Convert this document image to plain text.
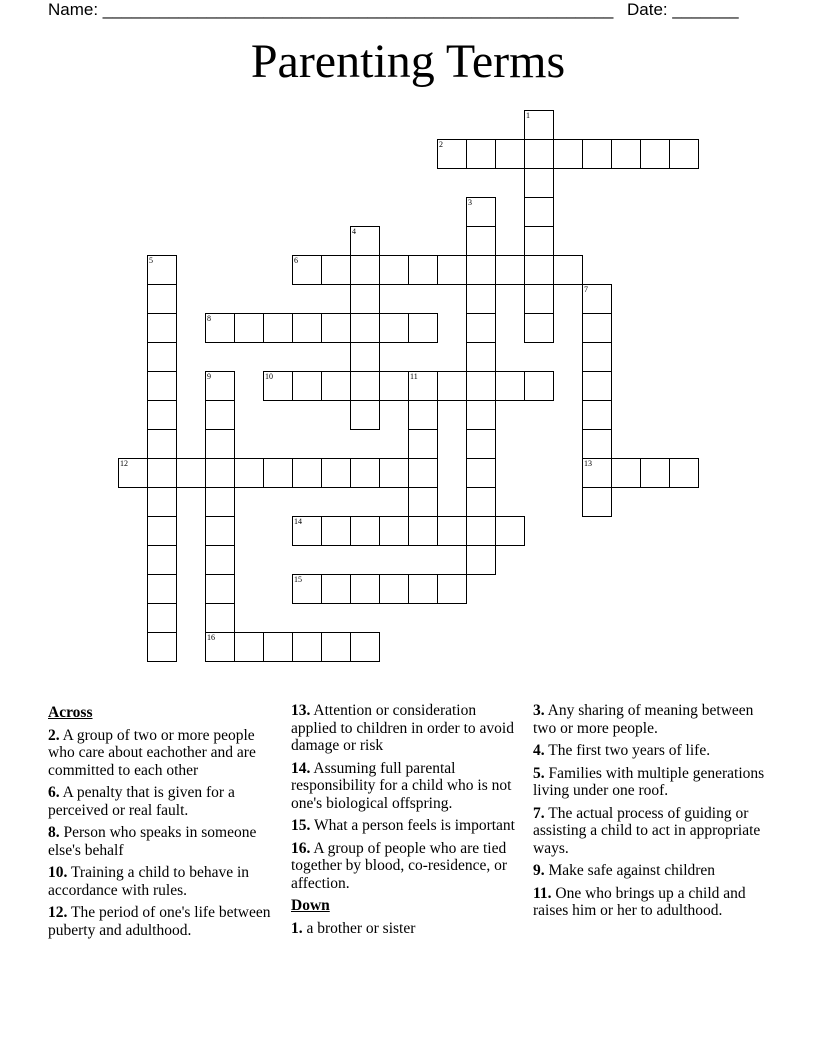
Name: ______________________________________________________ Date: _______
Parenting Terms
6
8
10	11
12	13
14
15
16
1
3
4
5
7
9
2
Across
2. A group of two or more people who care about eachother and are committed to each other
6. A penalty that is given for a perceived or real fault.
8. Person who speaks in someone else's behalf
10. Training a child to behave in accordance with rules.
12. The period of one's life between puberty and adulthood.
13. Attention or consideration applied to children in order to avoid damage or risk
14. Assuming full parental responsibility for a child who is not one's biological offspring.
15. What a person feels is important
16. A group of people who are tied together by blood, co-residence, or affection.
Down
1. a brother or sister
3. Any sharing of meaning between two or more people.
4. The first two years of life.
5. Families with multiple generations living under one roof.
7. The actual process of guiding or assisting a child to act in appropriate ways.
9. Make safe against children
11. One who brings up a child and raises him or her to adulthood.
